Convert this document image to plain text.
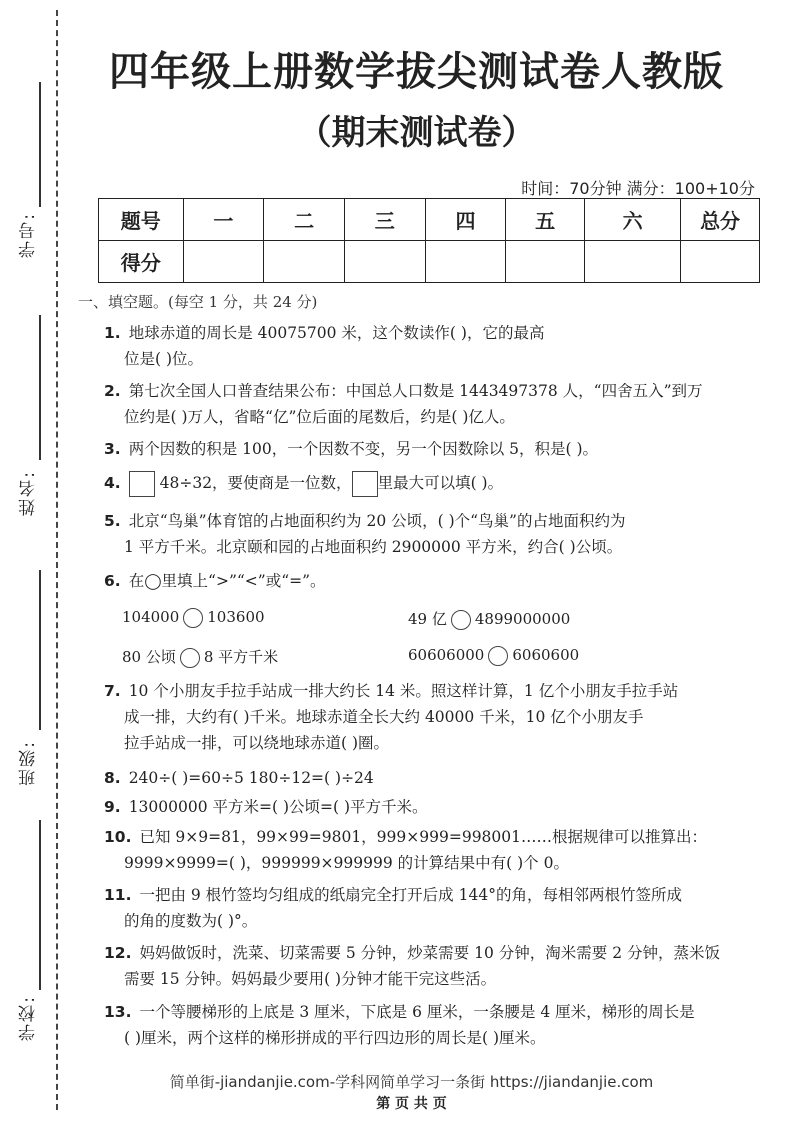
学号:
姓名:
班级:
学校:
四年级上册数学拔尖测试卷人教版
（期末测试卷）
时间：70分钟 满分：100+10分
题号	一	二	三	四	五	六	总分
得分							
一、填空题。(每空 1 分，共 24 分)
1. 地球赤道的周长是 40075700 米，这个数读作( )，它的最高
位是( )位。
2. 第七次全国人口普查结果公布：中国总人口数是 1443497378 人，“四舍五入”到万
位约是( )万人，省略“亿”位后面的尾数后，约是( )亿人。
3. 两个因数的积是 100，一个因数不变，另一个因数除以 5，积是( )。
4.	48÷32，要使商是一位数， 里最大可以填( )。
5. 北京“鸟巢”体育馆的占地面积约为 20 公顷，( )个“鸟巢”的占地面积约为
1 平方千米。北京颐和园的占地面积约 2900000 平方米，约合( )公顷。
6. 在◯里填上“>”“<”或“=”。
104000 103600	49 亿 4899000000
80 公顷 8 平方千米	60606000 6060600
7. 10 个小朋友手拉手站成一排大约长 14 米。照这样计算，1 亿个小朋友手拉手站
成一排，大约有( )千米。地球赤道全长大约 40000 千米，10 亿个小朋友手
拉手站成一排，可以绕地球赤道( )圈。
8. 240÷( )=60÷5 180÷12=( )÷24
9. 13000000 平方米=( )公顷=( )平方千米。
10. 已知 9×9=81，99×99=9801，999×999=998001……根据规律可以推算出：
9999×9999=( )，999999×999999 的计算结果中有( )个 0。
11. 一把由 9 根竹签均匀组成的纸扇完全打开后成 144°的角，每相邻两根竹签所成
的角的度数为( )°。
12. 妈妈做饭时，洗菜、切菜需要 5 分钟，炒菜需要 10 分钟，淘米需要 2 分钟，蒸米饭
需要 15 分钟。妈妈最少要用( )分钟才能干完这些活。
13. 一个等腰梯形的上底是 3 厘米，下底是 6 厘米，一条腰是 4 厘米，梯形的周长是
( )厘米，两个这样的梯形拼成的平行四边形的周长是( )厘米。
简单街-jiandanjie.com-学科网简单学习一条街 https://jiandanjie.com
第 页 共 页
